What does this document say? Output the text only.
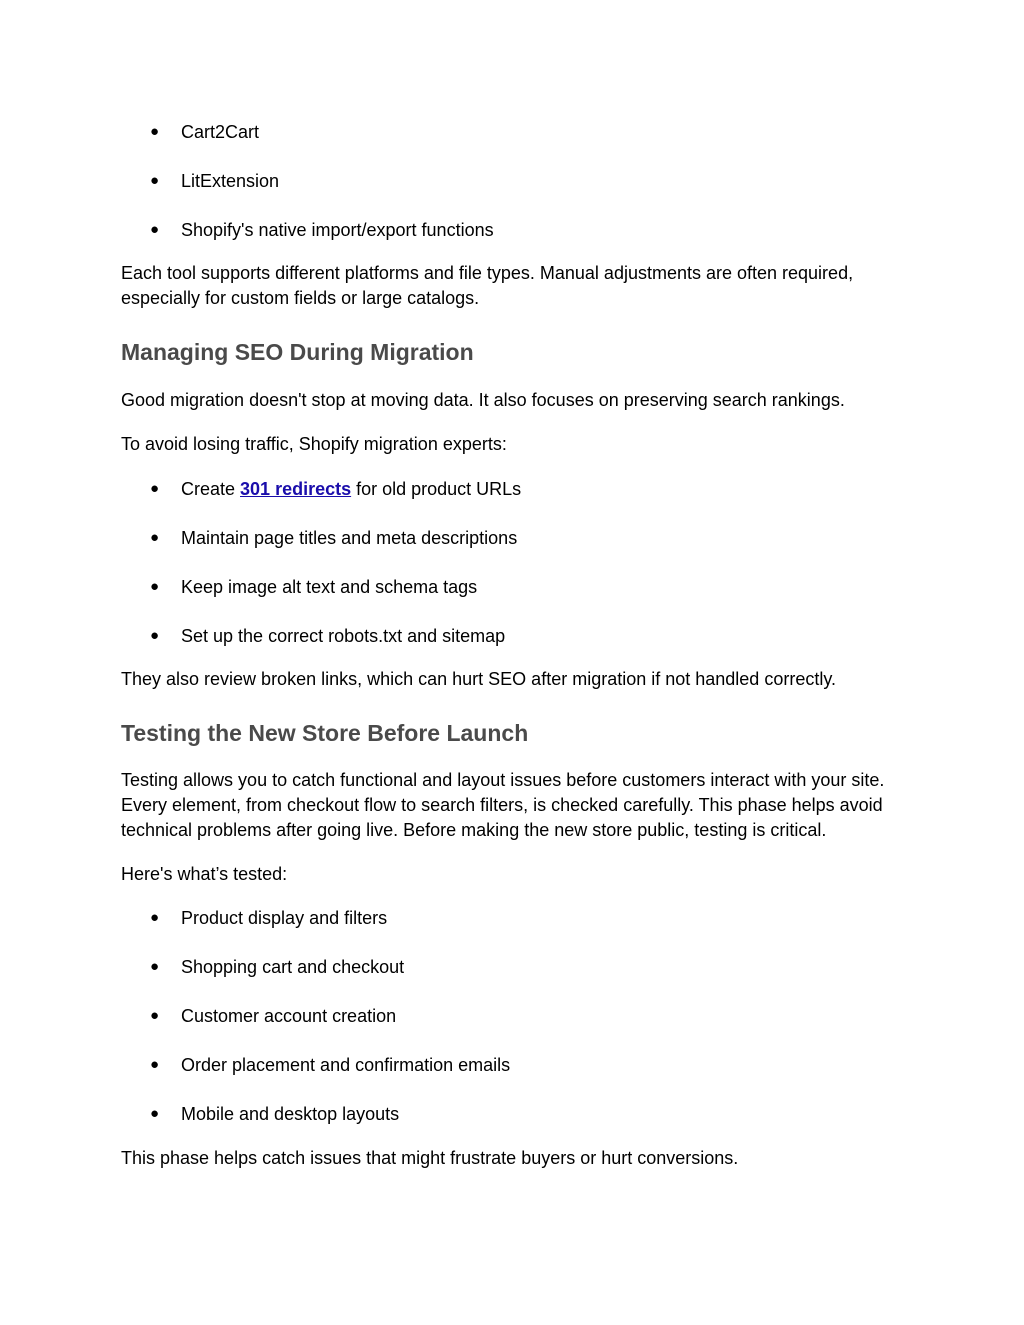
● Cart2Cart
● LitExtension
● Shopify's native import/export functions

Each tool supports different platforms and file types. Manual adjustments are often required, especially for custom fields or large catalogs.

Managing SEO During Migration

Good migration doesn't stop at moving data. It also focuses on preserving search rankings.

To avoid losing traffic, Shopify migration experts:

● Create 301 redirects for old product URLs
● Maintain page titles and meta descriptions
● Keep image alt text and schema tags
● Set up the correct robots.txt and sitemap

They also review broken links, which can hurt SEO after migration if not handled correctly.

Testing the New Store Before Launch

Testing allows you to catch functional and layout issues before customers interact with your site. Every element, from checkout flow to search filters, is checked carefully. This phase helps avoid technical problems after going live. Before making the new store public, testing is critical.

Here's what’s tested:

● Product display and filters
● Shopping cart and checkout
● Customer account creation
● Order placement and confirmation emails
● Mobile and desktop layouts

This phase helps catch issues that might frustrate buyers or hurt conversions.
